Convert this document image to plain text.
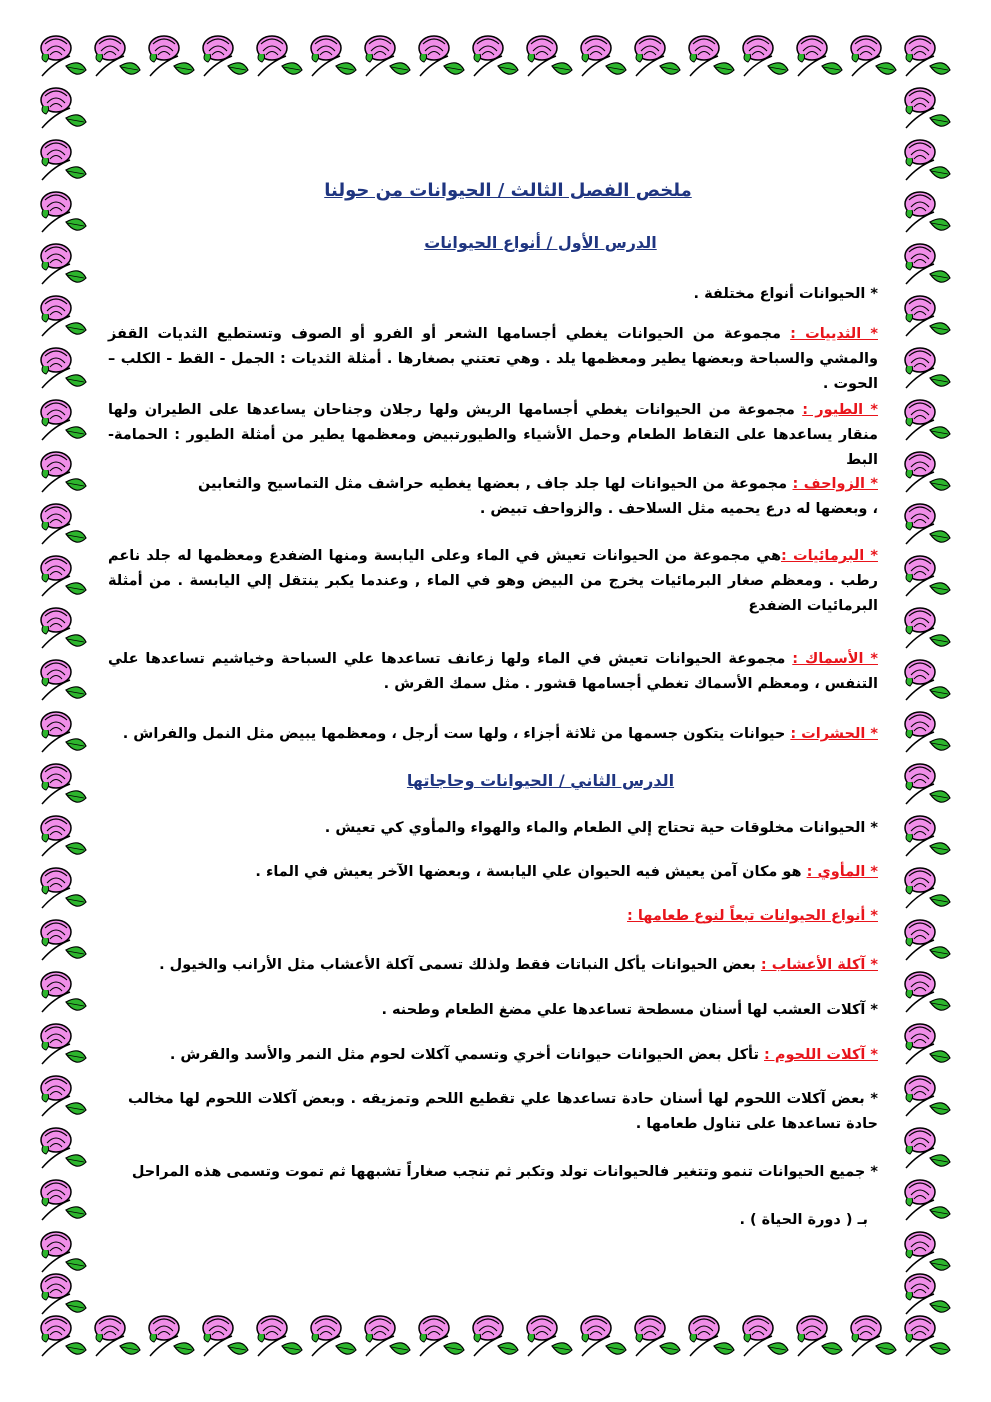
ملخص الفصل الثالث / الحيوانات من حولنا
الدرس الأول / أنواع الحيوانات

* الحيوانات أنواع مختلفة .

* الثدييات : مجموعة من الحيوانات يغطي أجسامها الشعر أو الفرو أو الصوف وتستطيع الثديات القفز والمشي والسباحة وبعضها يطير ومعظمها يلد . وهي تعتني بصغارها . أمثلة الثديات : الجمل - القط - الكلب – الحوت .

* الطيور : مجموعة من الحيوانات يغطي أجسامها الريش ولها رجلان وجناحان يساعدها على الطيران ولها منقار يساعدها على التقاط الطعام وحمل الأشياء والطيورتبيض ومعظمها يطير من أمثلة الطيور : الحمامة- البط

* الزواحف : مجموعة من الحيوانات لها جلد جاف , بعضها يغطيه حراشف مثل التماسيح والثعابين ، وبعضها له درع يحميه مثل السلاحف . والزواحف تبيض .

* البرمائيات :هي مجموعة من الحيوانات تعيش في الماء وعلى اليابسة ومنها الضفدع ومعظمها له جلد ناعم رطب . ومعظم صغار البرمائيات يخرج من البيض وهو في الماء , وعندما يكبر ينتقل إلي اليابسة . من أمثلة البرمائيات الضفدع

* الأسماك : مجموعة الحيوانات تعيش في الماء ولها زعانف تساعدها علي السباحة وخياشيم تساعدها علي التنفس ، ومعظم الأسماك تغطي أجسامها قشور . مثل سمك القرش .

* الحشرات : حيوانات يتكون جسمها من ثلاثة أجزاء ، ولها ست أرجل ، ومعظمها يبيض مثل النمل والفراش .

الدرس الثاني / الحيوانات وحاجاتها

* الحيوانات مخلوقات حية تحتاج إلي الطعام والماء والهواء والمأوي كي تعيش .

* المأوي : هو مكان آمن يعيش فيه الحيوان علي اليابسة ، وبعضها الآخر يعيش في الماء .

* أنواع الحيوانات تبعاً لنوع طعامها :

* آكلة الأعشاب : بعض الحيوانات يأكل النباتات فقط ولذلك تسمى آكلة الأعشاب مثل الأرانب والخيول .

* آكلات العشب لها أسنان مسطحة تساعدها علي مضغ الطعام وطحنه .

* آكلات اللحوم : تأكل بعض الحيوانات حيوانات أخري وتسمي آكلات لحوم مثل النمر والأسد والقرش .

* بعض آكلات اللحوم لها أسنان حادة تساعدها علي تقطيع اللحم وتمزيقه . وبعض آكلات اللحوم لها مخالب حادة تساعدها على تناول طعامها .

* جميع الحيوانات تنمو وتتغير فالحيوانات تولد وتكبر ثم تنجب صغاراً تشبهها ثم تموت وتسمى هذه المراحل

بـ ( دورة الحياة ) .
